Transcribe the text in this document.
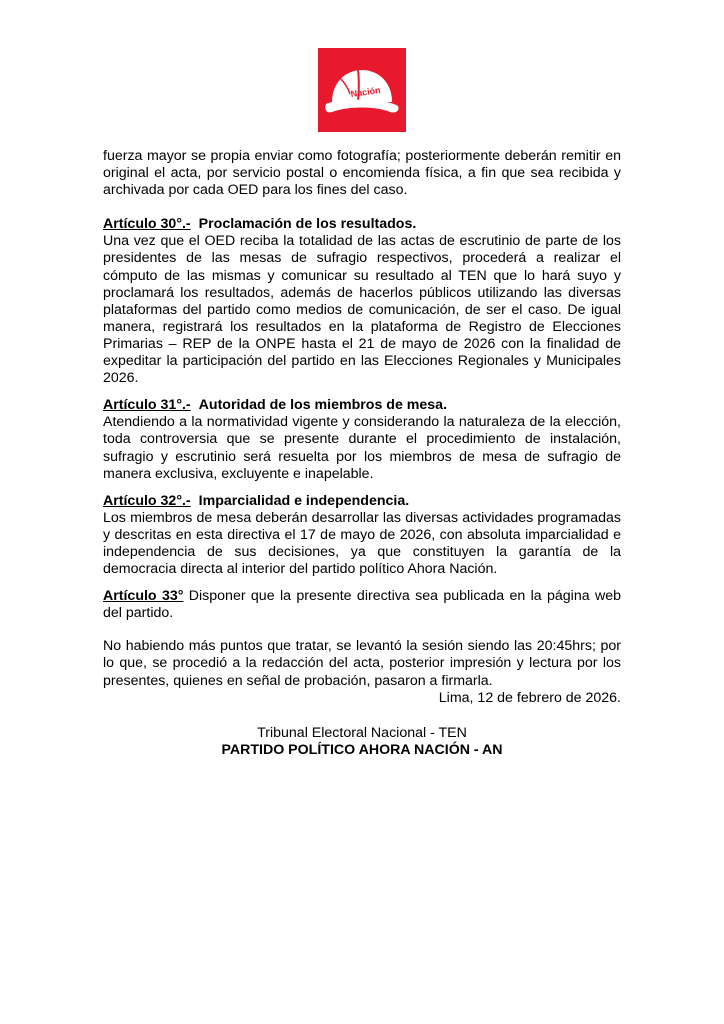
Nación

fuerza mayor se propia enviar como fotografía; posteriormente deberán remitir en original el acta, por servicio postal o encomienda física, a fin que sea recibida y archivada por cada OED para los fines del caso.

Artículo 30°.- Proclamación de los resultados.

Una vez que el OED reciba la totalidad de las actas de escrutinio de parte de los presidentes de las mesas de sufragio respectivos, procederá a realizar el cómputo de las mismas y comunicar su resultado al TEN que lo hará suyo y proclamará los resultados, además de hacerlos públicos utilizando las diversas plataformas del partido como medios de comunicación, de ser el caso. De igual manera, registrará los resultados en la plataforma de Registro de Elecciones Primarias – REP de la ONPE hasta el 21 de mayo de 2026 con la finalidad de expeditar la participación del partido en las Elecciones Regionales y Municipales 2026.

Artículo 31°.- Autoridad de los miembros de mesa.

Atendiendo a la normatividad vigente y considerando la naturaleza de la elección, toda controversia que se presente durante el procedimiento de instalación, sufragio y escrutinio será resuelta por los miembros de mesa de sufragio de manera exclusiva, excluyente e inapelable.

Artículo 32°.- Imparcialidad e independencia.

Los miembros de mesa deberán desarrollar las diversas actividades programadas y descritas en esta directiva el 17 de mayo de 2026, con absoluta imparcialidad e independencia de sus decisiones, ya que constituyen la garantía de la democracia directa al interior del partido político Ahora Nación.

Artículo 33° Disponer que la presente directiva sea publicada en la página web del partido.

No habiendo más puntos que tratar, se levantó la sesión siendo las 20:45hrs; por lo que, se procedió a la redacción del acta, posterior impresión y lectura por los presentes, quienes en señal de probación, pasaron a firmarla.

Lima, 12 de febrero de 2026.

Tribunal Electoral Nacional - TEN
PARTIDO POLÍTICO AHORA NACIÓN - AN
